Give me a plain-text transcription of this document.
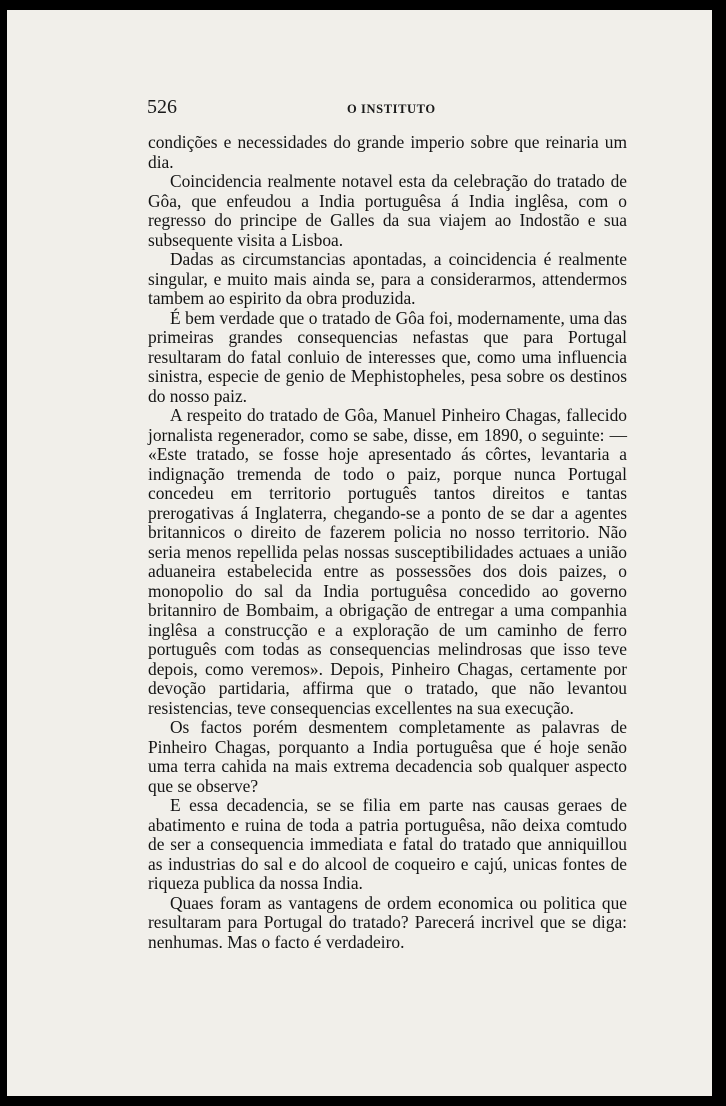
526	O INSTITUTO

condições e necessidades do grande imperio sobre que reinaria um dia.

Coincidencia realmente notavel esta da celebração do tratado de Gôa, que enfeudou a India portuguêsa á India inglêsa, com o regresso do principe de Galles da sua viajem ao Indostão e sua subsequente visita a Lisboa.

Dadas as circumstancias apontadas, a coincidencia é realmente singular, e muito mais ainda se, para a considerarmos, attendermos tambem ao espirito da obra produzida.

É bem verdade que o tratado de Gôa foi, modernamente, uma das primeiras grandes consequencias nefastas que para Portugal resultaram do fatal conluio de interesses que, como uma influencia sinistra, especie de genio de Mephistopheles, pesa sobre os destinos do nosso paiz.

A respeito do tratado de Gôa, Manuel Pinheiro Chagas, fallecido jornalista regenerador, como se sabe, disse, em 1890, o seguinte: — «Este tratado, se fosse hoje apresentado ás côrtes, levantaria a indignação tremenda de todo o paiz, porque nunca Portugal concedeu em territorio português tantos direitos e tantas prerogativas á Inglaterra, chegando-se a ponto de se dar a agentes britannicos o direito de fazerem policia no nosso territorio. Não seria menos repellida pelas nossas susceptibilidades actuaes a união aduaneira estabelecida entre as possessões dos dois paizes, o monopolio do sal da India portuguêsa concedido ao governo britanniro de Bombaim, a obrigação de entregar a uma companhia inglêsa a construcção e a exploração de um caminho de ferro português com todas as consequencias melindrosas que isso teve depois, como veremos». Depois, Pinheiro Chagas, certamente por devoção partidaria, affirma que o tratado, que não levantou resistencias, teve consequencias excellentes na sua execução.

Os factos porém desmentem completamente as palavras de Pinheiro Chagas, porquanto a India portuguêsa que é hoje senão uma terra cahida na mais extrema decadencia sob qualquer aspecto que se observe?

E essa decadencia, se se filia em parte nas causas geraes de abatimento e ruina de toda a patria portuguêsa, não deixa comtudo de ser a consequencia immediata e fatal do tratado que anniquillou as industrias do sal e do alcool de coqueiro e cajú, unicas fontes de riqueza publica da nossa India.

Quaes foram as vantagens de ordem economica ou politica que resultaram para Portugal do tratado? Parecerá incrivel que se diga: nenhumas. Mas o facto é verdadeiro.
